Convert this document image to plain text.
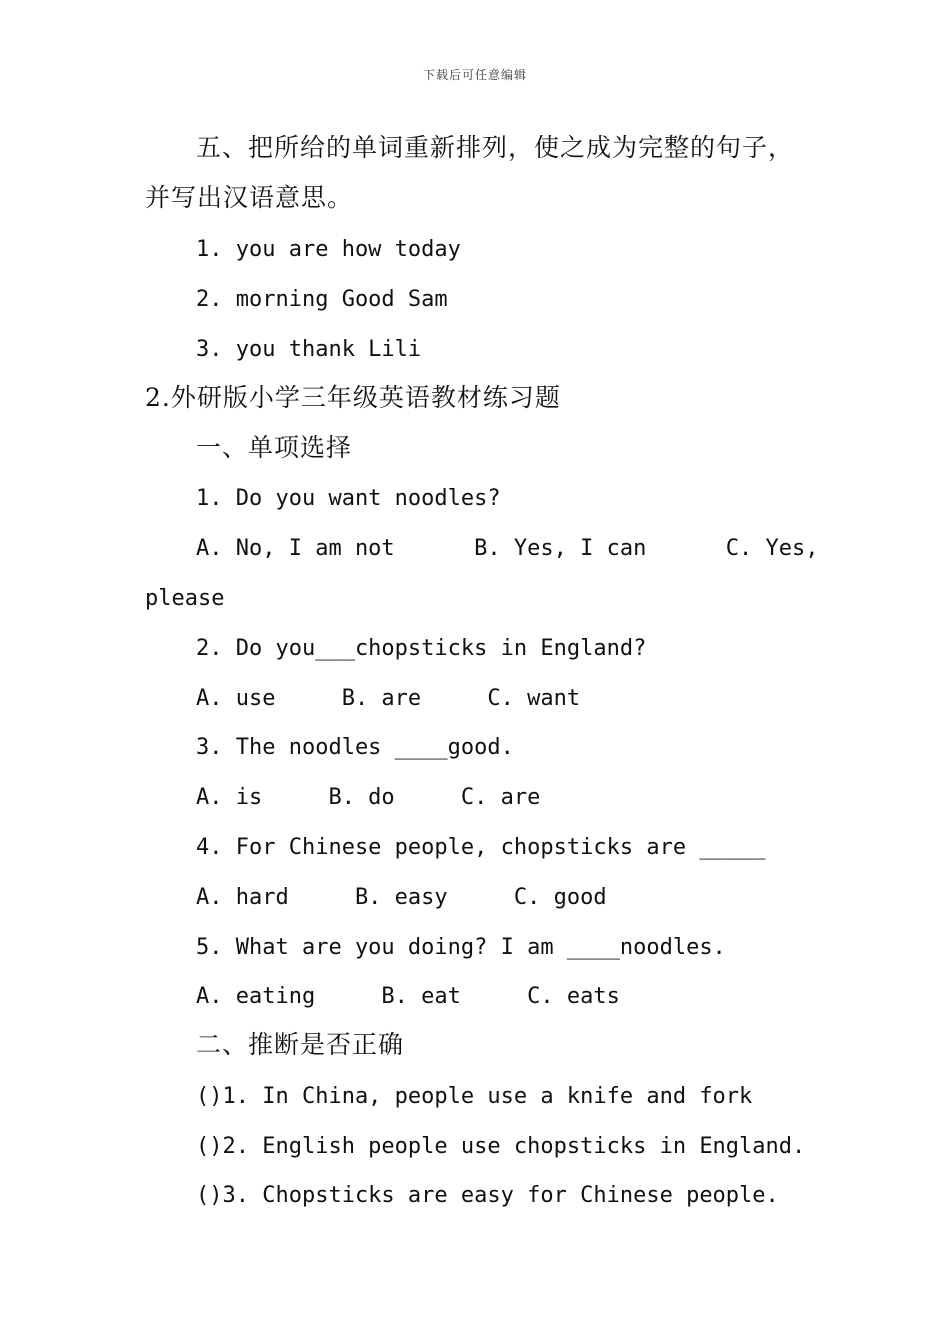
下载后可任意编辑
五、把所给的单词重新排列，使之成为完整的句子，
并写出汉语意思。
1. you are how today
2. morning Good Sam
3. you thank Lili
2.外研版小学三年级英语教材练习题
一、单项选择
1. Do you want noodles?
A. No, I am not      B. Yes, I can      C. Yes,
please
2. Do you___chopsticks in England?
A. use     B. are     C. want
3. The noodles ____good.
A. is     B. do     C. are
4. For Chinese people, chopsticks are _____
A. hard     B. easy     C. good
5. What are you doing? I am ____noodles.
A. eating     B. eat     C. eats
二、推断是否正确
()1. In China, people use a knife and fork
()2. English people use chopsticks in England.
()3. Chopsticks are easy for Chinese people.
